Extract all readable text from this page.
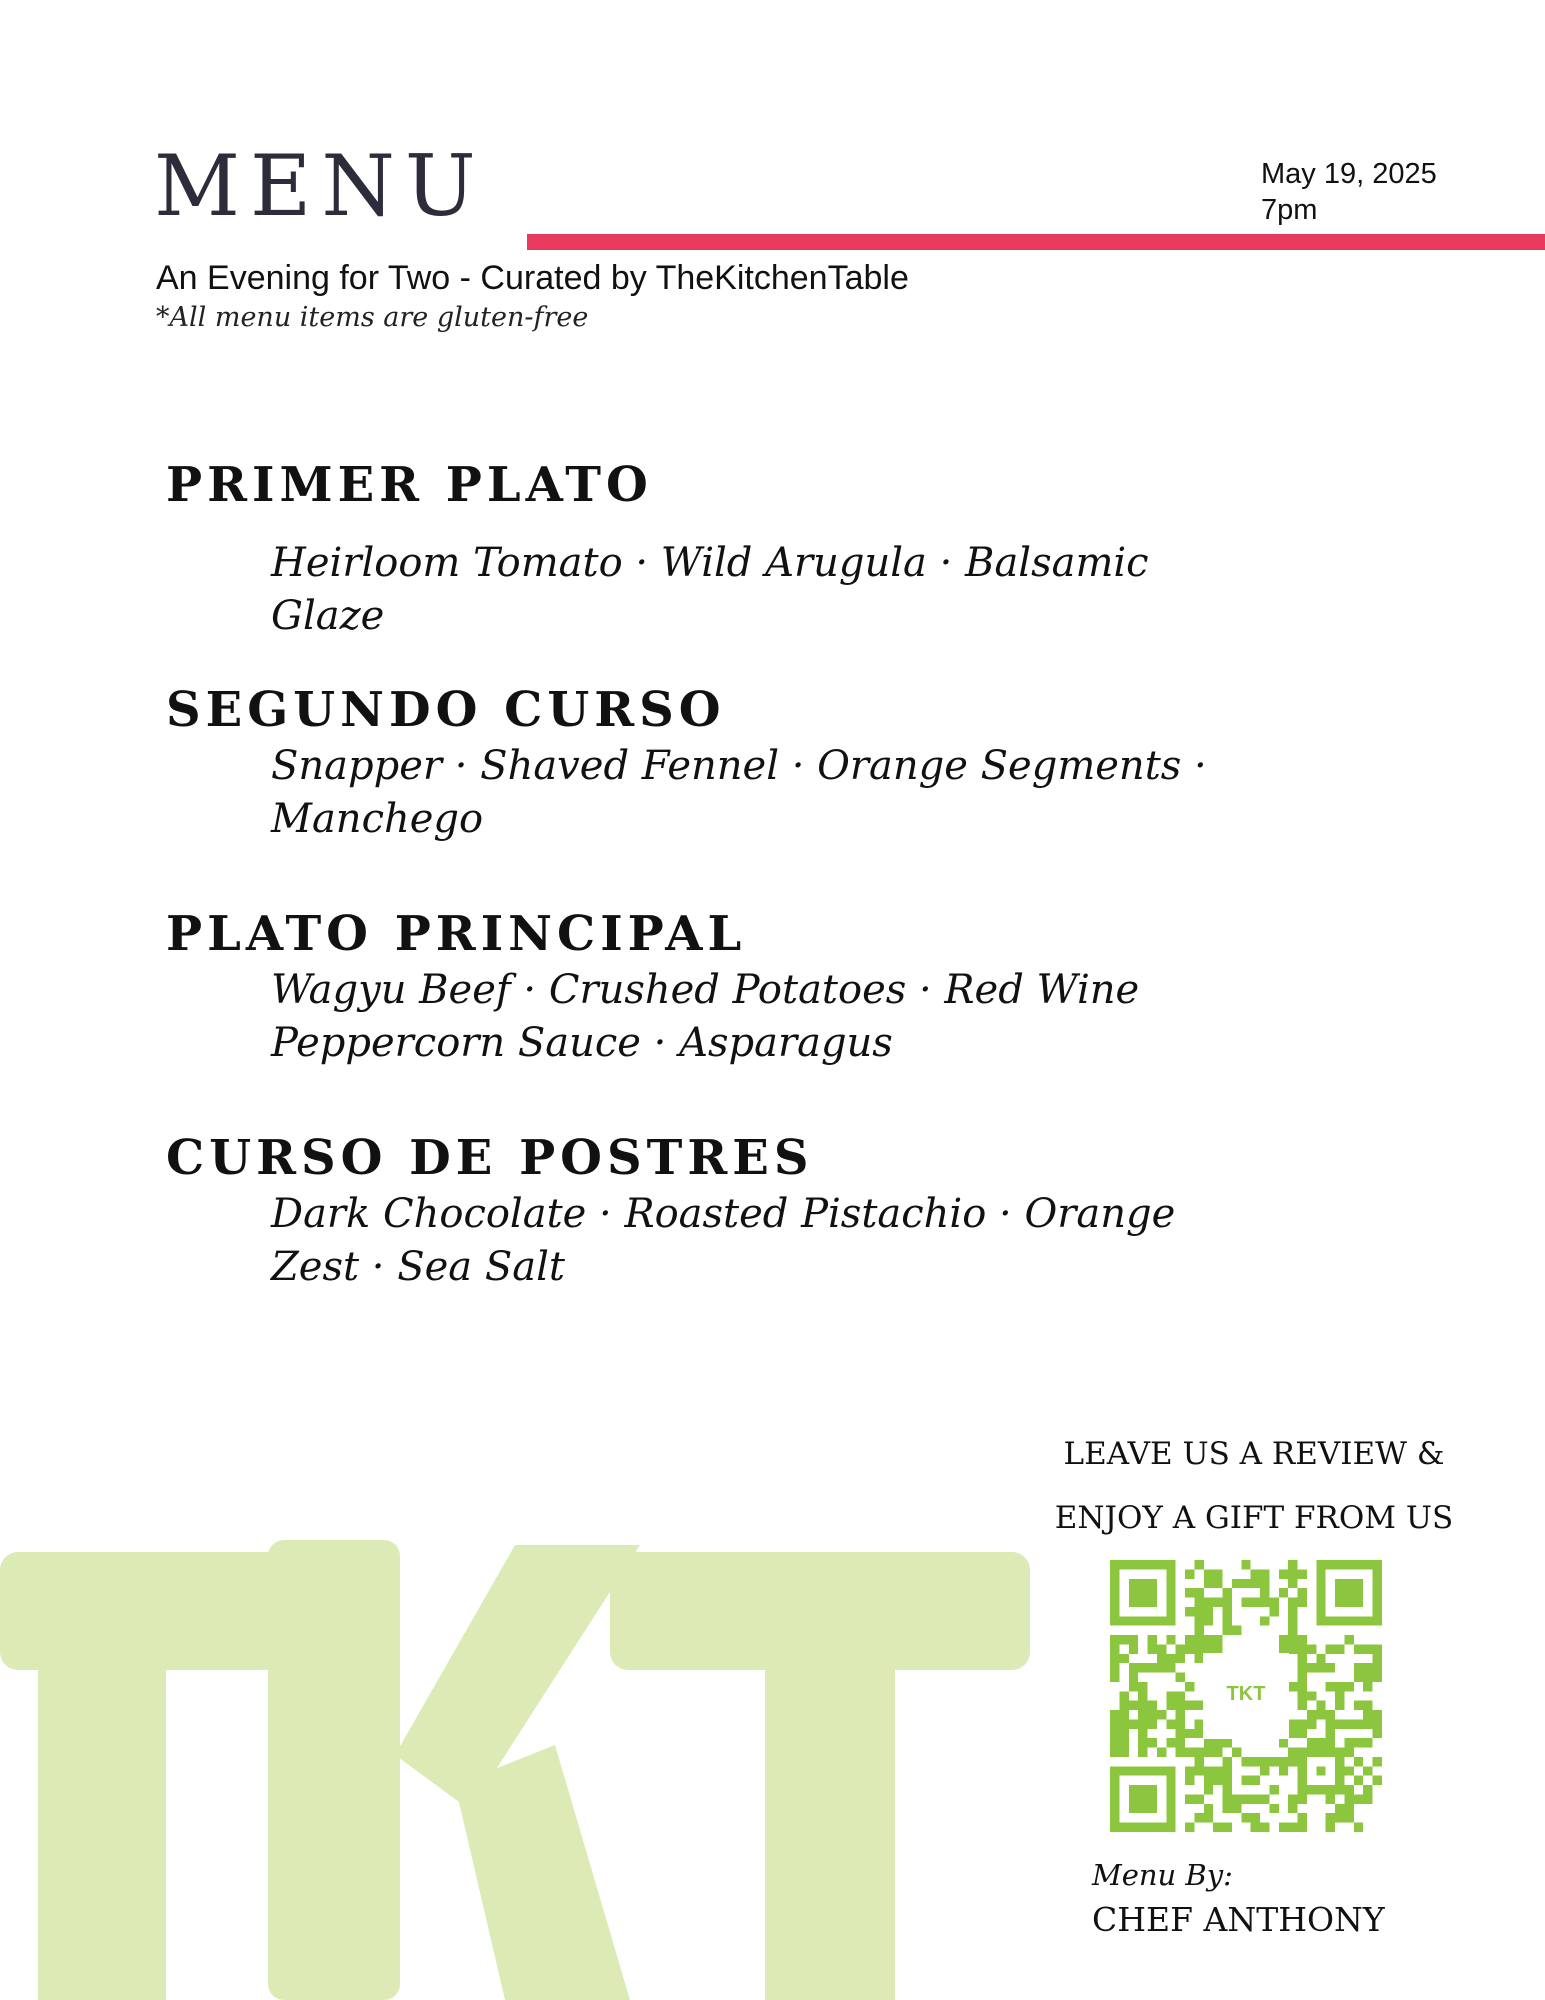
MENU	May 19, 2025
7pm
An Evening for Two - Curated by TheKitchenTable
*All menu items are gluten-free
PRIMER PLATO

Heirloom Tomato · Wild Arugula · Balsamic Glaze

SEGUNDO CURSO

Snapper · Shaved Fennel · Orange Segments · Manchego

PLATO PRINCIPAL

Wagyu Beef · Crushed Potatoes · Red Wine Peppercorn Sauce · Asparagus

CURSO DE POSTRES

Dark Chocolate · Roasted Pistachio · Orange Zest · Sea Salt

LEAVE US A REVIEW &
ENJOY A GIFT FROM US
TKT
Menu By:
CHEF ANTHONY
